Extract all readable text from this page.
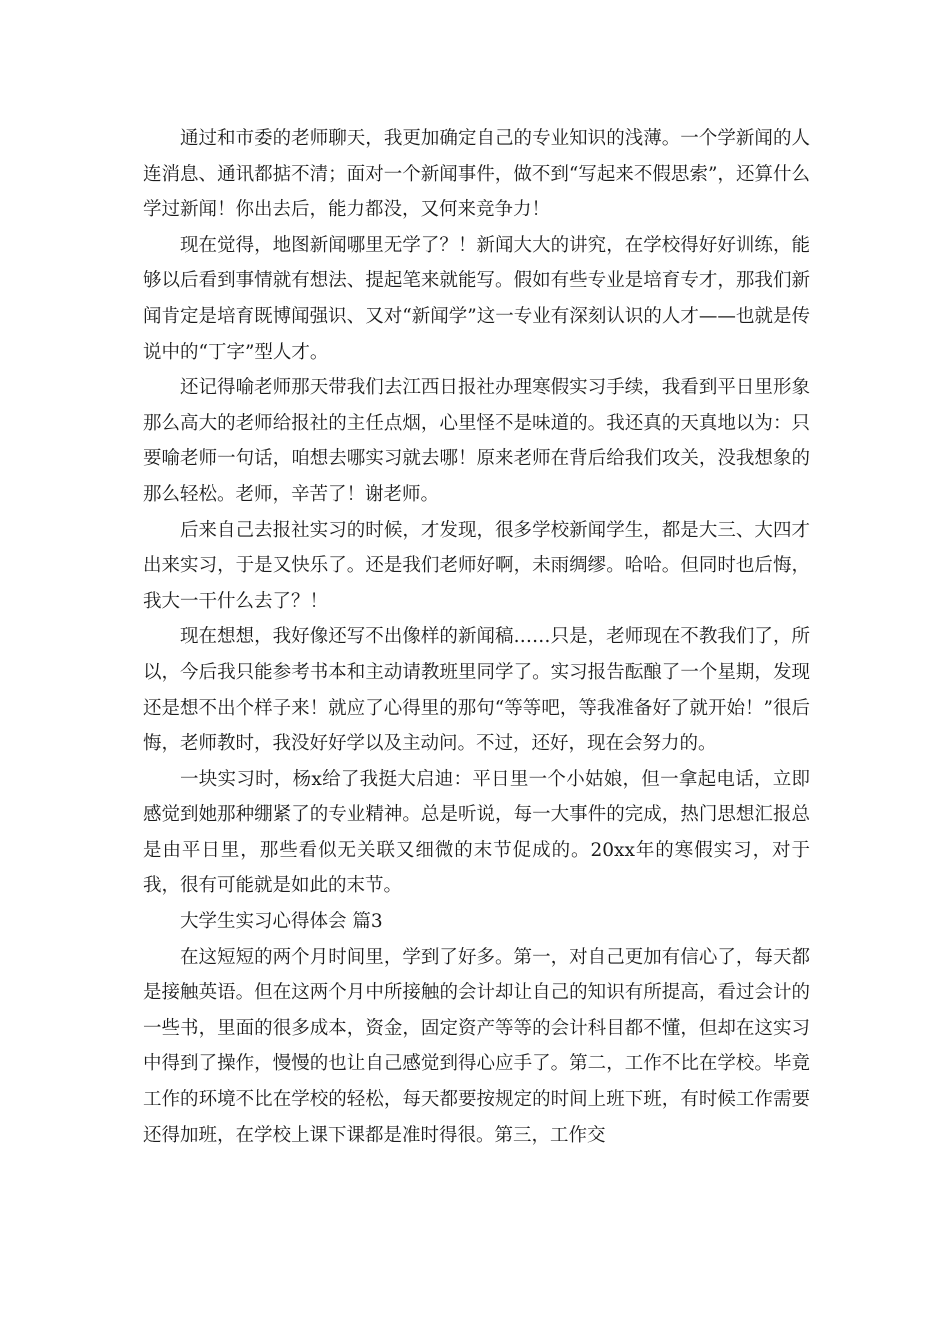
通过和市委的老师聊天，我更加确定自己的专业知识的浅薄。一个学新闻的人连消息、通讯都掂不清；面对一个新闻事件，做不到“写起来不假思索”，还算什么学过新闻！你出去后，能力都没，又何来竞争力！

现在觉得，地图新闻哪里无学了？！新闻大大的讲究，在学校得好好训练，能够以后看到事情就有想法、提起笔来就能写。假如有些专业是培育专才，那我们新闻肯定是培育既博闻强识、又对“新闻学”这一专业有深刻认识的人才——也就是传说中的“丁字”型人才。

还记得喻老师那天带我们去江西日报社办理寒假实习手续，我看到平日里形象那么高大的老师给报社的主任点烟，心里怪不是味道的。我还真的天真地以为：只要喻老师一句话，咱想去哪实习就去哪！原来老师在背后给我们攻关，没我想象的那么轻松。老师，辛苦了！谢老师。

后来自己去报社实习的时候，才发现，很多学校新闻学生，都是大三、大四才出来实习，于是又快乐了。还是我们老师好啊，未雨绸缪。哈哈。但同时也后悔，我大一干什么去了？！

现在想想，我好像还写不出像样的新闻稿……只是，老师现在不教我们了，所以，今后我只能参考书本和主动请教班里同学了。实习报告酝酿了一个星期，发现还是想不出个样子来！就应了心得里的那句“等等吧，等我准备好了就开始！”很后悔，老师教时，我没好好学以及主动问。不过，还好，现在会努力的。

一块实习时，杨x给了我挺大启迪：平日里一个小姑娘，但一拿起电话，立即感觉到她那种绷紧了的专业精神。总是听说，每一大事件的完成，热门思想汇报总是由平日里，那些看似无关联又细微的末节促成的。20xx年的寒假实习，对于我，很有可能就是如此的末节。

大学生实习心得体会 篇3

在这短短的两个月时间里，学到了好多。第一，对自己更加有信心了，每天都是接触英语。但在这两个月中所接触的会计却让自己的知识有所提高，看过会计的一些书，里面的很多成本，资金，固定资产等等的会计科目都不懂，但却在这实习中得到了操作，慢慢的也让自己感觉到得心应手了。第二，工作不比在学校。毕竟工作的环境不比在学校的轻松，每天都要按规定的时间上班下班，有时候工作需要还得加班，在学校上课下课都是准时得很。第三，工作交
